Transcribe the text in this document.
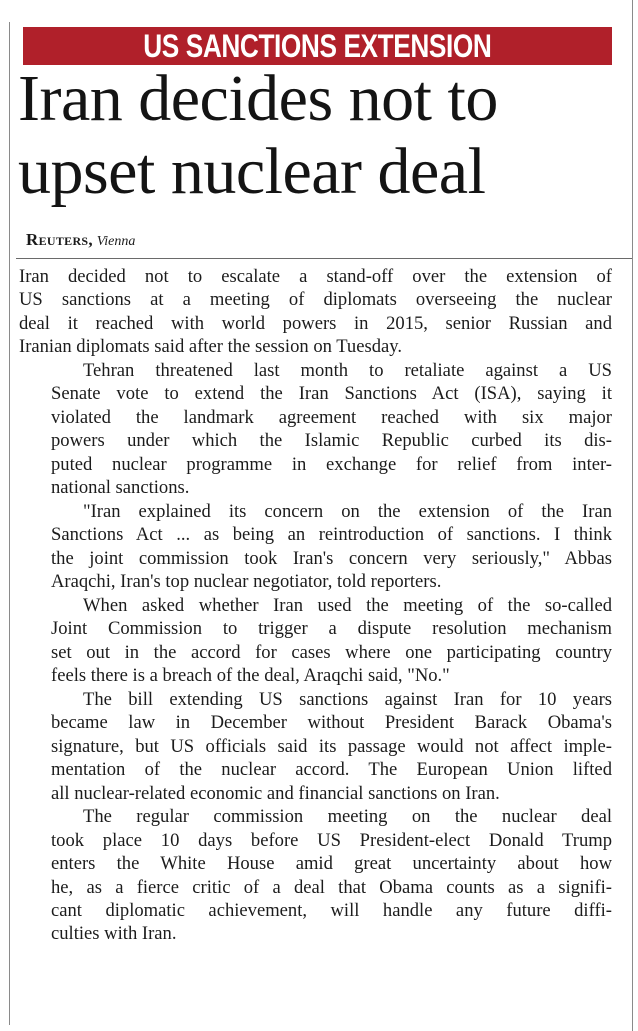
US SANCTIONS EXTENSION
Iran decides not to
upset nuclear deal
Reuters, Vienna

Iran decided not to escalate a stand-off over the extension of
US sanctions at a meeting of diplomats overseeing the nuclear
deal it reached with world powers in 2015, senior Russian and
Iranian diplomats said after the session on Tuesday.

Tehran threatened last month to retaliate against a US
Senate vote to extend the Iran Sanctions Act (ISA), saying it
violated the landmark agreement reached with six major
powers under which the Islamic Republic curbed its dis-
puted nuclear programme in exchange for relief from inter-
national sanctions.

"Iran explained its concern on the extension of the Iran
Sanctions Act ... as being an reintroduction of sanctions. I think
the joint commission took Iran's concern very seriously," Abbas
Araqchi, Iran's top nuclear negotiator, told reporters.

When asked whether Iran used the meeting of the so-called
Joint Commission to trigger a dispute resolution mechanism
set out in the accord for cases where one participating country
feels there is a breach of the deal, Araqchi said, "No."

The bill extending US sanctions against Iran for 10 years
became law in December without President Barack Obama's
signature, but US officials said its passage would not affect imple-
mentation of the nuclear accord. The European Union lifted
all nuclear-related economic and financial sanctions on Iran.

The regular commission meeting on the nuclear deal
took place 10 days before US President-elect Donald Trump
enters the White House amid great uncertainty about how
he, as a fierce critic of a deal that Obama counts as a signifi-
cant diplomatic achievement, will handle any future diffi-
culties with Iran.
